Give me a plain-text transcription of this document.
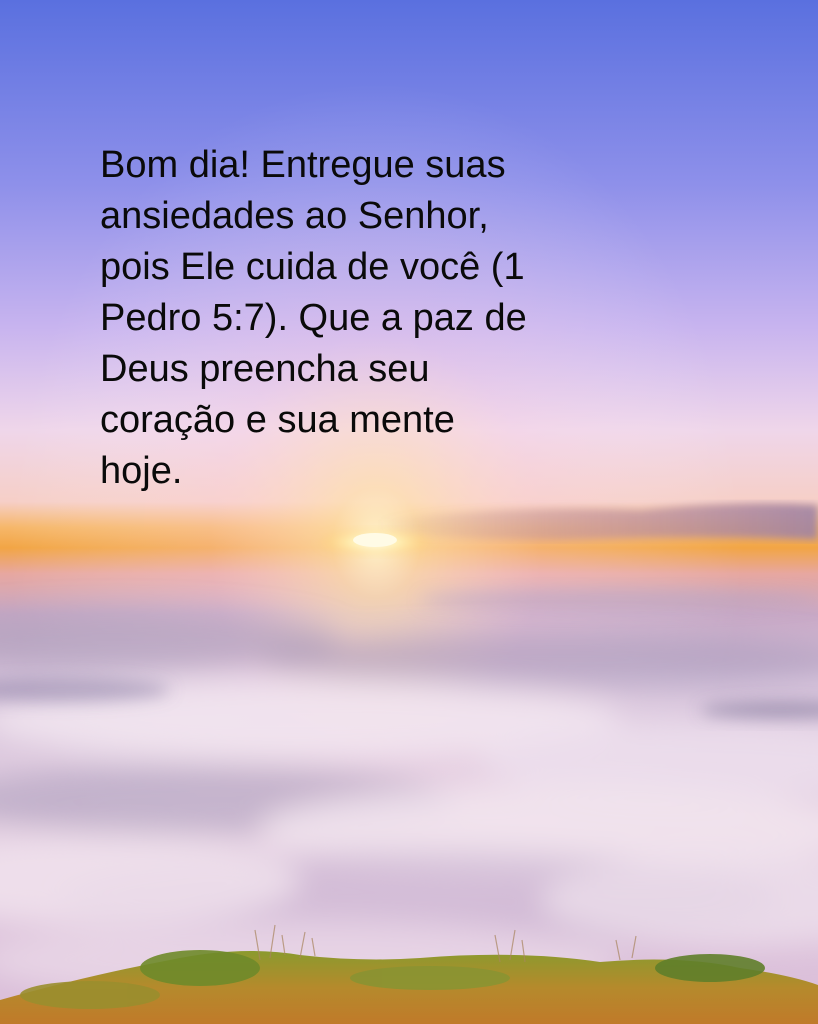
Bom dia! Entregue suas ansiedades ao Senhor, pois Ele cuida de você (1 Pedro 5:7). Que a paz de Deus preencha seu coração e sua mente hoje.
